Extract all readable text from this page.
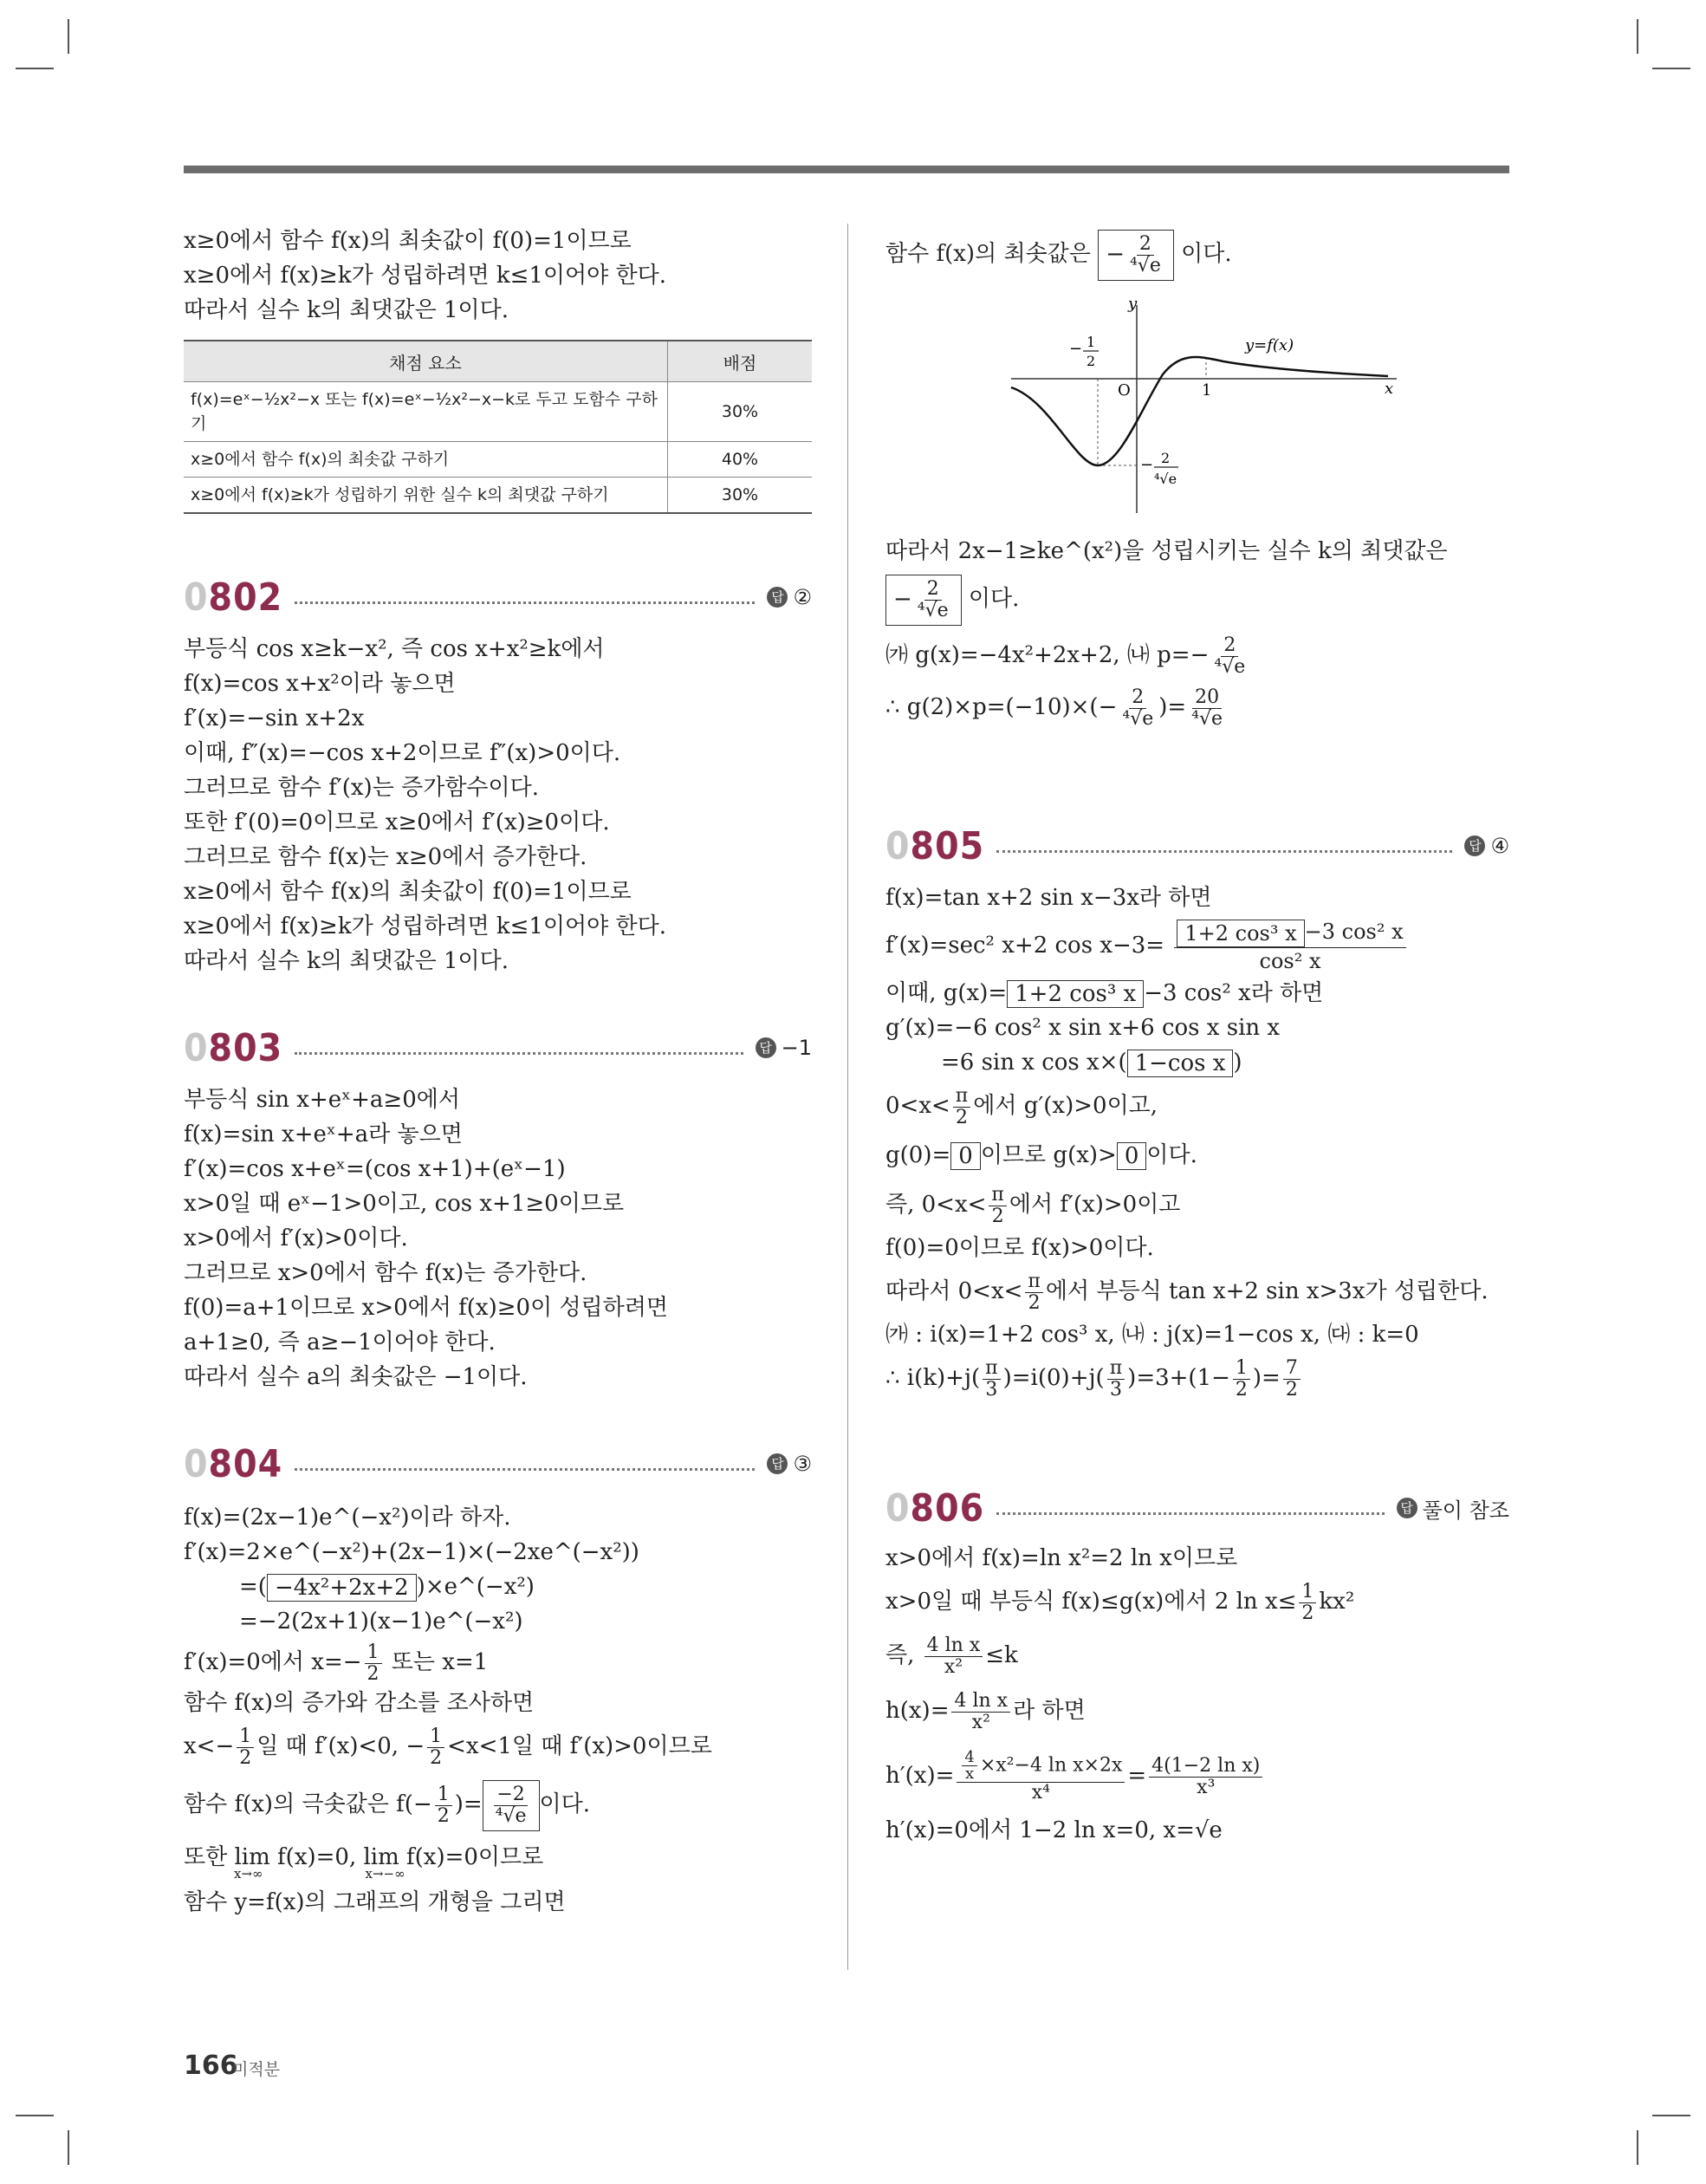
x≥0에서 함수 f(x)의 최솟값이 f(0)=1이므로

x≥0에서 f(x)≥k가 성립하려면 k≤1이어야 한다.

따라서 실수 k의 최댓값은 1이다.

채점 요소	배점
f(x)=eˣ−½x²−x 또는 f(x)=eˣ−½x²−x−k로 두고 도함수 구하기	30%
x≥0에서 함수 f(x)의 최솟값 구하기	40%
x≥0에서 f(x)≥k가 성립하기 위한 실수 k의 최댓값 구하기	30%
0802	답 ②

부등식 cos x≥k−x², 즉 cos x+x²≥k에서

f(x)=cos x+x²이라 놓으면

f′(x)=−sin x+2x

이때, f″(x)=−cos x+2이므로 f″(x)>0이다.

그러므로 함수 f′(x)는 증가함수이다.

또한 f′(0)=0이므로 x≥0에서 f′(x)≥0이다.

그러므로 함수 f(x)는 x≥0에서 증가한다.

x≥0에서 함수 f(x)의 최솟값이 f(0)=1이므로

x≥0에서 f(x)≥k가 성립하려면 k≤1이어야 한다.

따라서 실수 k의 최댓값은 1이다.

0803	답 −1

부등식 sin x+eˣ+a≥0에서

f(x)=sin x+eˣ+a라 놓으면

f′(x)=cos x+eˣ=(cos x+1)+(eˣ−1)

x>0일 때 eˣ−1>0이고, cos x+1≥0이므로

x>0에서 f′(x)>0이다.

그러므로 x>0에서 함수 f(x)는 증가한다.

f(0)=a+1이므로 x>0에서 f(x)≥0이 성립하려면

a+1≥0, 즉 a≥−1이어야 한다.

따라서 실수 a의 최솟값은 −1이다.

0804	답 ③

f(x)=(2x−1)e^(−x²)이라 하자.

f′(x)=2×e^(−x²)+(2x−1)×(−2xe^(−x²))

=( −4x²+2x+2 )×e^(−x²)

=−2(2x+1)(x−1)e^(−x²)

f′(x)=0에서 $x=- \frac{1}{2}$ 또는 x=1

함수 f(x)의 증가와 감소를 조사하면

$x<- \frac{1}{2}$ 일 때 f′(x)<0, − $\frac{1}{2} <x<1$일 때 f′(x)>0이므로

함수 f(x)의 극솟값은 $f(- \frac{1}{2}$ )= $\frac{-2}{\text{⁴√e}}$ 이다.

또한 lim f(x)=0, lim f(x)=0이므로

x→∞	x→−∞

함수 y=f(x)의 그래프의 개형을 그리면

함수 f(x)의 최솟값은 − $\frac{2}{\text{⁴√e}}$ 이다.

y
x
O	1
y=f(x)
− 1
2
− 2
⁴√e

따라서 2x−1≥ke^(x²)을 성립시키는 실수 k의 최댓값은

− $\frac{2}{\text{⁴√e}}$ 이다.

㈎ g(x)=−4x²+2x+2, ㈏ $p=- \frac{2}{\text{⁴√e}}$

∴ $g(2)\times p=(-10)\times(- \frac{2}{\text{⁴√e}}$ )= $\frac{20}{\text{⁴√e}}$

0805	답 ④

f(x)=tan x+2 sin x−3x라 하면

f′(x)=sec² x+2 $\cos x-3= \frac{\text{1+2 cos³ x −3 cos² x}}{\text{cos² x}}$

이때, g(x)= 1+2 cos³ x −3 cos² x라 하면

g′(x)=−6 cos² x sin x+6 cos x sin x

=6 sin x cos x×( 1−cos x )

$0<x< \frac{\pi}{2}$ 에서 g′(x)>0이고,

g(0)= 0 이므로 g(x)> 0 이다.

즉, $0<x< \frac{\pi}{2}$ 에서 f′(x)>0이고

f(0)=0이므로 f(x)>0이다.

따라서 $0<x< \frac{\pi}{2}$ 에서 부등식 tan x+2 sin x>3x가 성립한다.

㈎ : i(x)=1+2 cos³ x, ㈏ : j(x)=1−cos x, ㈐ : k=0

∴ $i(k)+j( \frac{\pi}{3} )=i(0)+j( \frac{\pi}{3} )=3+(1- \frac{1}{2}$ )= $\frac{7}{2}$

0806	답 풀이 참조

x>0에서 f(x)=ln x²=2 ln x이므로

x>0일 때 부등식 f(x)≤g(x)에서 2 $\ln x\le \frac{1}{2} kx^2$

즉, $\frac{\text{4 ln x}}{\text{x²}} \le k$

$h(x)= \frac{\text{4 ln x}}{\text{x²}}$ 라 하면

$h'(x)= \frac{\frac{4}{x} \times x^2-4 \ln x\times 2x}{\text{x⁴}} = \frac{\text{4(1−2 ln x)}}{\text{x³}}$

h′(x)=0에서 1−2 ln x=0, x=√e

166
미적분
